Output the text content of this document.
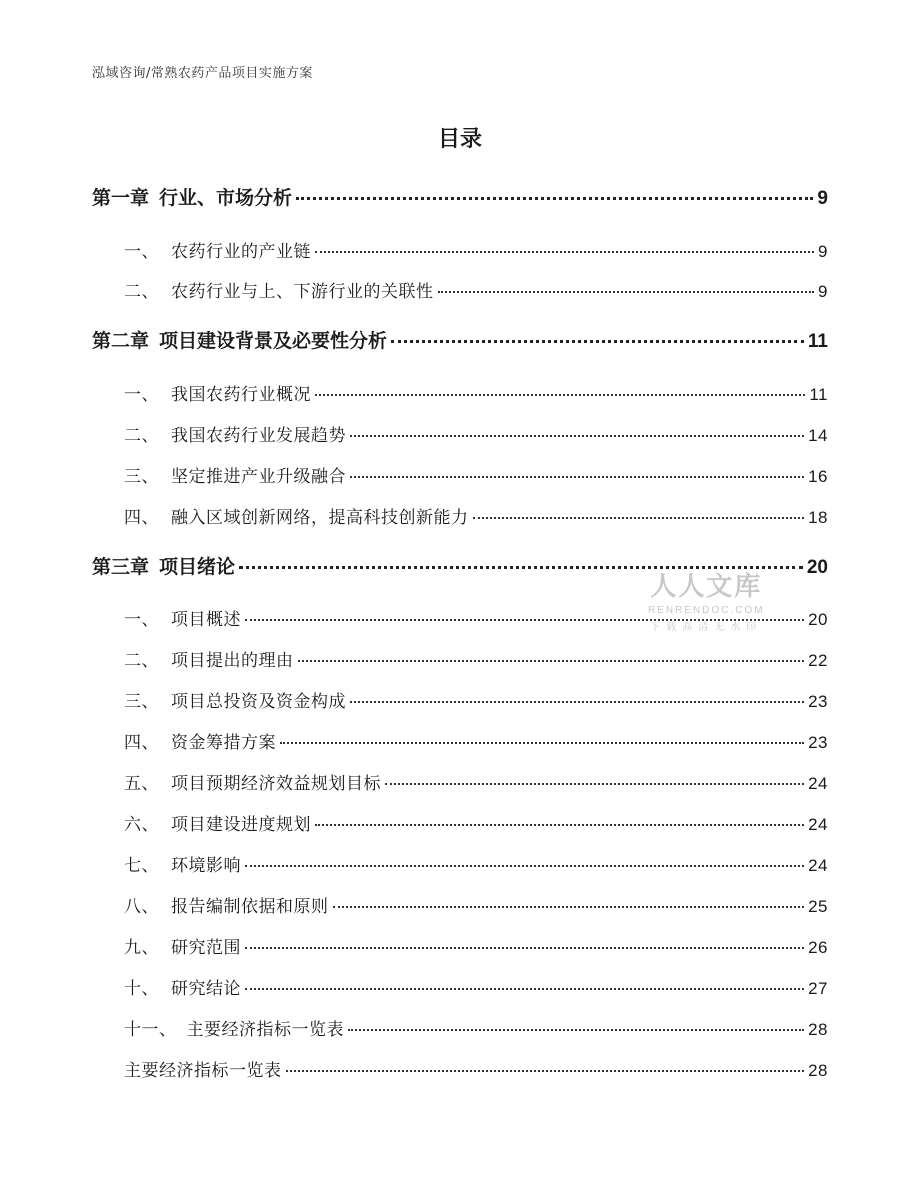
泓域咨询/常熟农药产品项目实施方案
目录
第一章 行业、市场分析	9
一、 农药行业的产业链	9
二、 农药行业与上、下游行业的关联性	9
第二章 项目建设背景及必要性分析	11
一、 我国农药行业概况	11
二、 我国农药行业发展趋势	14
三、 坚定推进产业升级融合	16
四、 融入区域创新网络，提高科技创新能力	18
第三章 项目绪论	20
一、 项目概述	20
二、 项目提出的理由	22
三、 项目总投资及资金构成	23
四、 资金筹措方案	23
五、 项目预期经济效益规划目标	24
六、 项目建设进度规划	24
七、 环境影响	24
八、 报告编制依据和原则	25
九、 研究范围	26
十、 研究结论	27
十一、 主要经济指标一览表	28
主要经济指标一览表	28
人人文库
RENRENDOC.COM
下载高清无水印
